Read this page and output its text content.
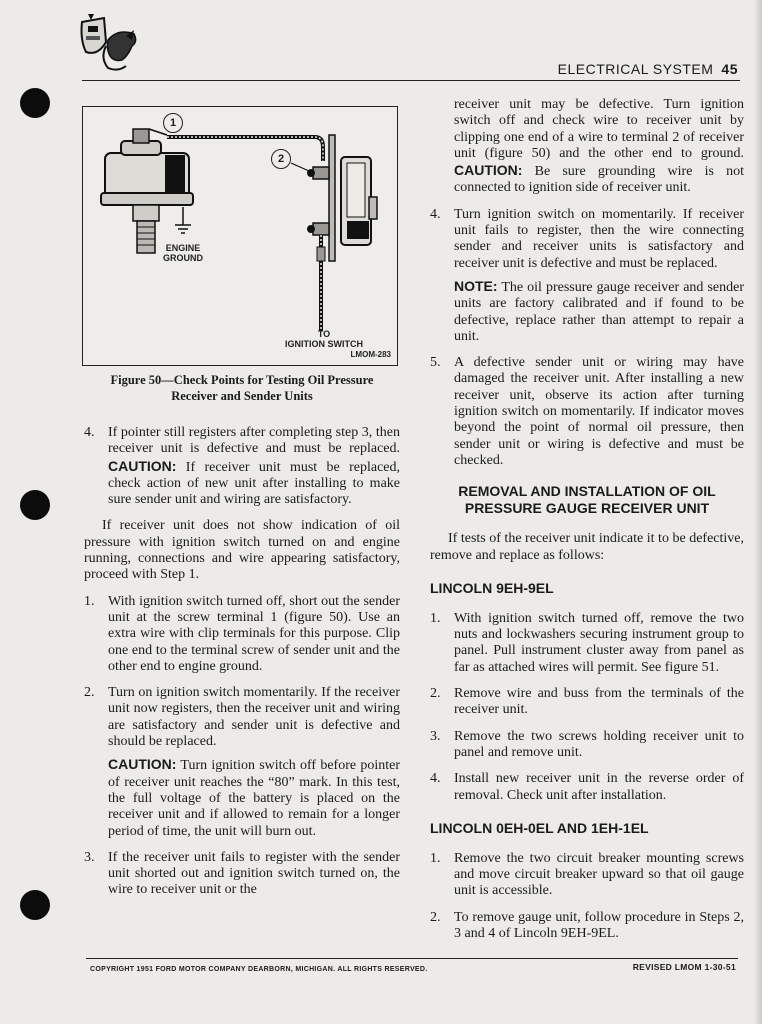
ELECTRICAL SYSTEM 45
1
2
ENGINE
GROUND
TO
IGNITION SWITCH
LMOM-283
Figure 50—Check Points for Testing Oil Pressure
Receiver and Sender Units
4. If pointer still registers after completing step 3, then receiver unit is defective and must be replaced. CAUTION: If receiver unit must be replaced, check action of new unit after installing to make sure sender unit and wiring are satisfactory.

If receiver unit does not show indication of oil pressure with ignition switch turned on and engine running, connections and wire appearing satisfactory, proceed with Step 1.

1. With ignition switch turned off, short out the sender unit at the screw terminal 1 (figure 50). Use an extra wire with clip terminals for this purpose. Clip one end to the terminal screw of sender unit and the other end to engine ground.
2. Turn on ignition switch momentarily. If the receiver unit now registers, then the receiver unit and wiring are satisfactory and sender unit is defective and should be replaced.
CAUTION: Turn ignition switch off before pointer of receiver unit reaches the “80” mark. In this test, the full voltage of the battery is placed on the receiver unit and if allowed to remain for a longer period of time, the unit will burn out.
3. If the receiver unit fails to register with the sender unit shorted out and ignition switch turned on, the wire to receiver unit or the
receiver unit may be defective. Turn ignition switch off and check wire to receiver unit by clipping one end of a wire to terminal 2 of receiver unit (figure 50) and the other end to ground. CAUTION: Be sure grounding wire is not connected to ignition side of receiver unit.
4. Turn ignition switch on momentarily. If receiver unit fails to register, then the wire connecting sender and receiver units is satisfactory and receiver unit is defective and must be replaced.
NOTE: The oil pressure gauge receiver and sender units are factory calibrated and if found to be defective, replace rather than attempt to repair a unit.
5. A defective sender unit or wiring may have damaged the receiver unit. After installing a new receiver unit, observe its action after turning ignition switch on momentarily. If indicator moves beyond the point of normal oil pressure, then sender unit or wiring is defective and must be checked.
REMOVAL AND INSTALLATION OF OIL
PRESSURE GAUGE RECEIVER UNIT

If tests of the receiver unit indicate it to be defective, remove and replace as follows:

LINCOLN 9EH-9EL
1. With ignition switch turned off, remove the two nuts and lockwashers securing instrument group to panel. Pull instrument cluster away from panel as far as attached wires will permit. See figure 51.
2. Remove wire and buss from the terminals of the receiver unit.
3. Remove the two screws holding receiver unit to panel and remove unit.
4. Install new receiver unit in the reverse order of removal. Check unit after installation.
LINCOLN 0EH-0EL AND 1EH-1EL
1. Remove the two circuit breaker mounting screws and move circuit breaker upward so that oil gauge unit is accessible.
2. To remove gauge unit, follow procedure in Steps 2, 3 and 4 of Lincoln 9EH-9EL.
COPYRIGHT 1951 FORD MOTOR COMPANY DEARBORN, MICHIGAN. ALL RIGHTS RESERVED.	REVISED LMOM 1-30-51
